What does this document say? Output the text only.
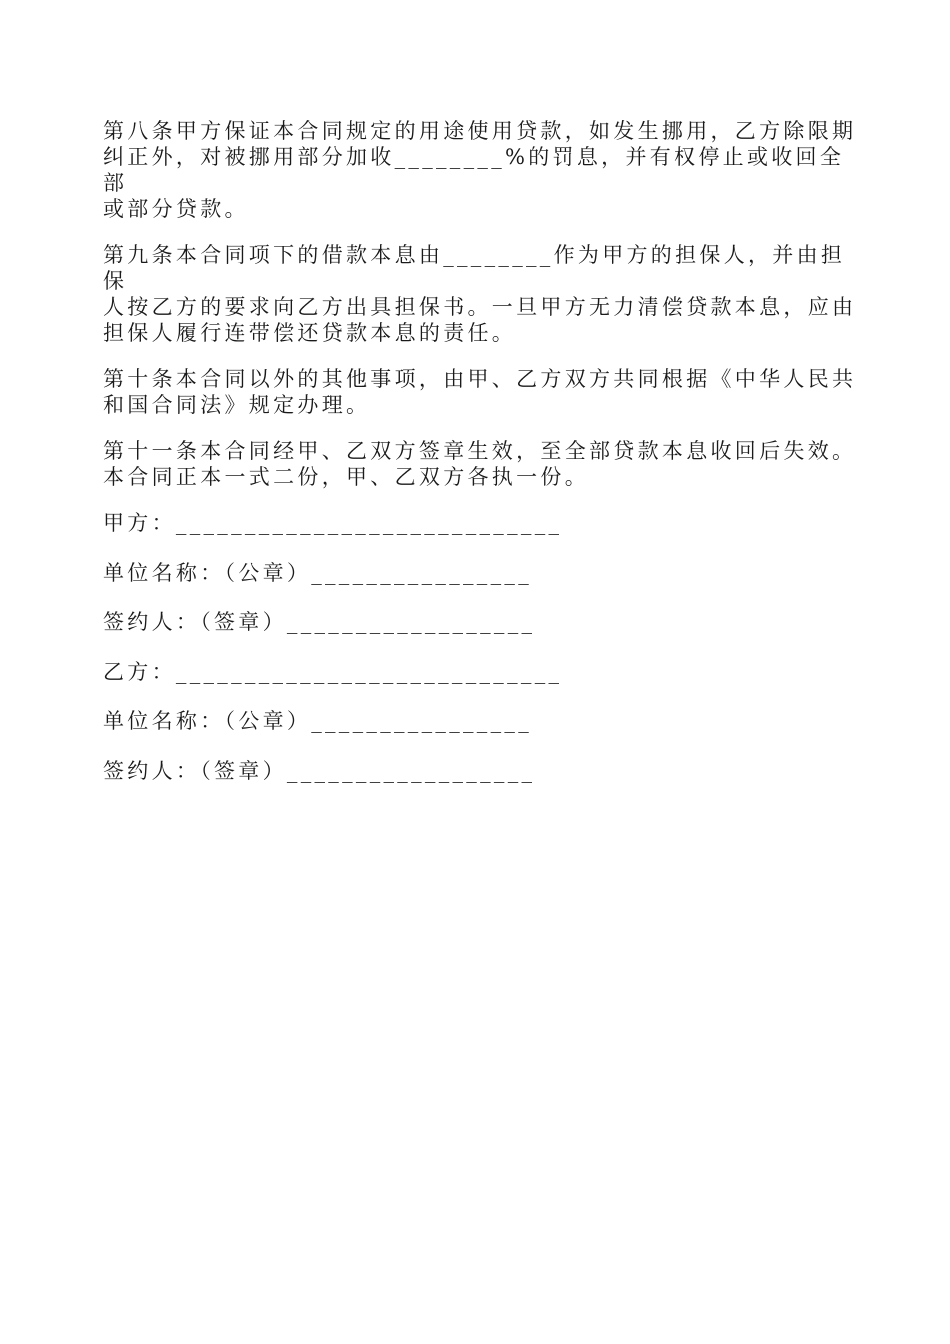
第八条甲方保证本合同规定的用途使用贷款，如发生挪用，乙方除限期
纠正外，对被挪用部分加收________%的罚息，并有权停止或收回全部
或部分贷款。

第九条本合同项下的借款本息由________作为甲方的担保人，并由担保
人按乙方的要求向乙方出具担保书。一旦甲方无力清偿贷款本息，应由
担保人履行连带偿还贷款本息的责任。

第十条本合同以外的其他事项，由甲、乙方双方共同根据《中华人民共
和国合同法》规定办理。

第十一条本合同经甲、乙双方签章生效，至全部贷款本息收回后失效。
本合同正本一式二份，甲、乙双方各执一份。

甲方：____________________________

单位名称：（公章）________________

签约人：（签章）__________________

乙方：____________________________

单位名称：（公章）________________

签约人：（签章）__________________
